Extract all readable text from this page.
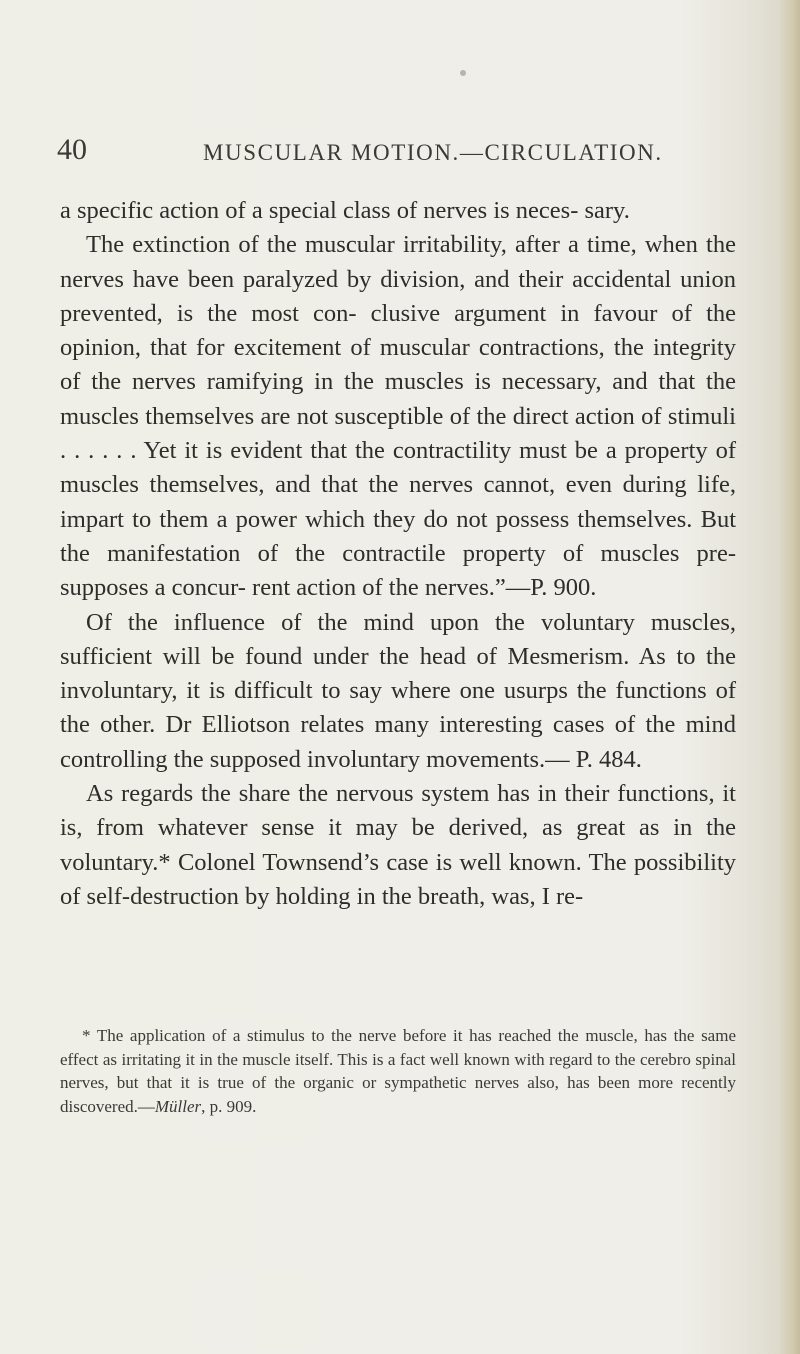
40	MUSCULAR MOTION.—CIRCULATION.

a specific action of a special class of nerves is neces- sary.

The extinction of the muscular irritability, after a time, when the nerves have been paralyzed by division, and their accidental union prevented, is the most con- clusive argument in favour of the opinion, that for excitement of muscular contractions, the integrity of the nerves ramifying in the muscles is necessary, and that the muscles themselves are not susceptible of the direct action of stimuli . . . . . . Yet it is evident that the contractility must be a property of muscles themselves, and that the nerves cannot, even during life, impart to them a power which they do not possess themselves. But the manifestation of the contractile property of muscles pre-supposes a concur- rent action of the nerves.”—P. 900.

Of the influence of the mind upon the voluntary muscles, sufficient will be found under the head of Mesmerism. As to the involuntary, it is difficult to say where one usurps the functions of the other. Dr Elliotson relates many interesting cases of the mind controlling the supposed involuntary movements.— P. 484.

As regards the share the nervous system has in their functions, it is, from whatever sense it may be derived, as great as in the voluntary.* Colonel Townsend’s case is well known. The possibility of self-destruction by holding in the breath, was, I re-

* The application of a stimulus to the nerve before it has reached the muscle, has the same effect as irritating it in the muscle itself. This is a fact well known with regard to the cerebro spinal nerves, but that it is true of the organic or sympathetic nerves also, has been more recently discovered.—Müller, p. 909.
